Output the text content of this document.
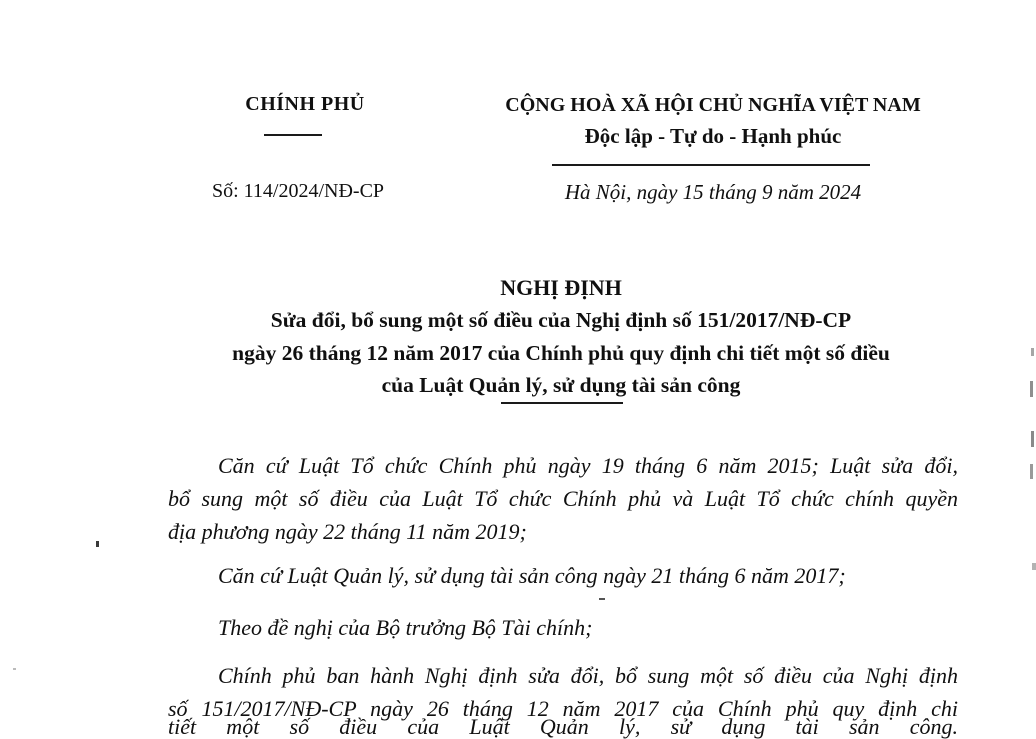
CHÍNH PHỦ
Số: 114/2024/NĐ-CP
CỘNG HOÀ XÃ HỘI CHỦ NGHĨA VIỆT NAM
Độc lập - Tự do - Hạnh phúc
Hà Nội, ngày 15 tháng 9 năm 2024
NGHỊ ĐỊNH
Sửa đổi, bổ sung một số điều của Nghị định số 151/2017/NĐ-CP
ngày 26 tháng 12 năm 2017 của Chính phủ quy định chi tiết một số điều
của Luật Quản lý, sử dụng tài sản công

Căn cứ Luật Tổ chức Chính phủ ngày 19 tháng 6 năm 2015; Luật sửa đổi,
bổ sung một số điều của Luật Tổ chức Chính phủ và Luật Tổ chức chính quyền
địa phương ngày 22 tháng 11 năm 2019;

Căn cứ Luật Quản lý, sử dụng tài sản công ngày 21 tháng 6 năm 2017;

Theo đề nghị của Bộ trưởng Bộ Tài chính;

Chính phủ ban hành Nghị định sửa đổi, bổ sung một số điều của Nghị định
số 151/2017/NĐ-CP ngày 26 tháng 12 năm 2017 của Chính phủ quy định chi

tiết một số điều của Luật Quản lý, sử dụng tài sản công.
